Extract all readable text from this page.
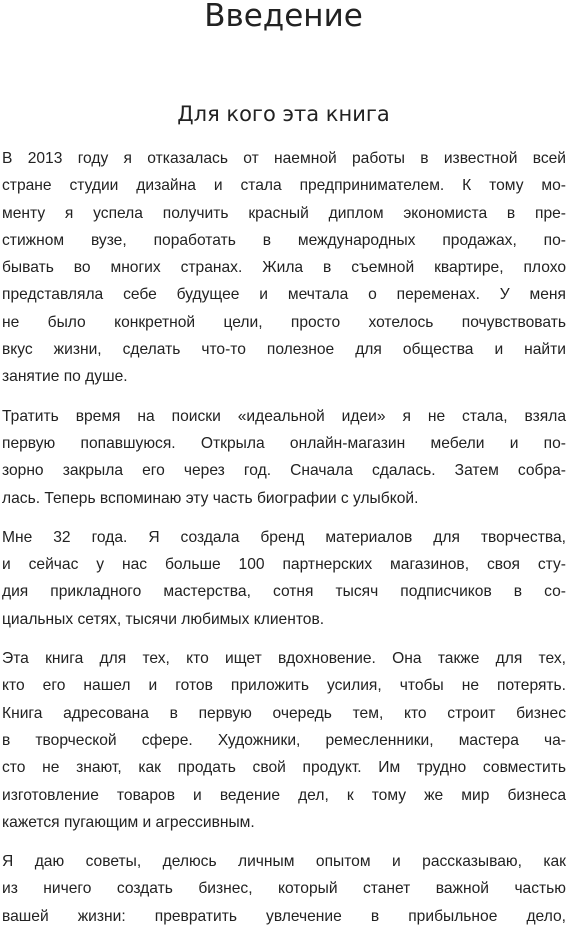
Введение
Для кого эта книга

В 2013 году я отказалась от наемной работы в известной всей
стране студии дизайна и стала предпринимателем. К тому мо-
менту я успела получить красный диплом экономиста в пре-
стижном вузе, поработать в международных продажах, по-
бывать во многих странах. Жила в съемной квартире, плохо
представляла себе будущее и мечтала о переменах. У меня
не было конкретной цели, просто хотелось почувствовать
вкус жизни, сделать что-то полезное для общества и найти
занятие по душе.

Тратить время на поиски «идеальной идеи» я не стала, взяла
первую попавшуюся. Открыла онлайн-магазин мебели и по-
зорно закрыла его через год. Сначала сдалась. Затем собра-
лась. Теперь вспоминаю эту часть биографии с улыбкой.

Мне 32 года. Я создала бренд материалов для творчества,
и сейчас у нас больше 100 партнерских магазинов, своя сту-
дия прикладного мастерства, сотня тысяч подписчиков в со-
циальных сетях, тысячи любимых клиентов.

Эта книга для тех, кто ищет вдохновение. Она также для тех,
кто его нашел и готов приложить усилия, чтобы не потерять.
Книга адресована в первую очередь тем, кто строит бизнес
в творческой сфере. Художники, ремесленники, мастера ча-
сто не знают, как продать свой продукт. Им трудно совместить
изготовление товаров и ведение дел, к тому же мир бизнеса
кажется пугающим и агрессивным.

Я даю советы, делюсь личным опытом и рассказываю, как
из ничего создать бизнес, который станет важной частью
вашей жизни: превратить увлечение в прибыльное дело,
